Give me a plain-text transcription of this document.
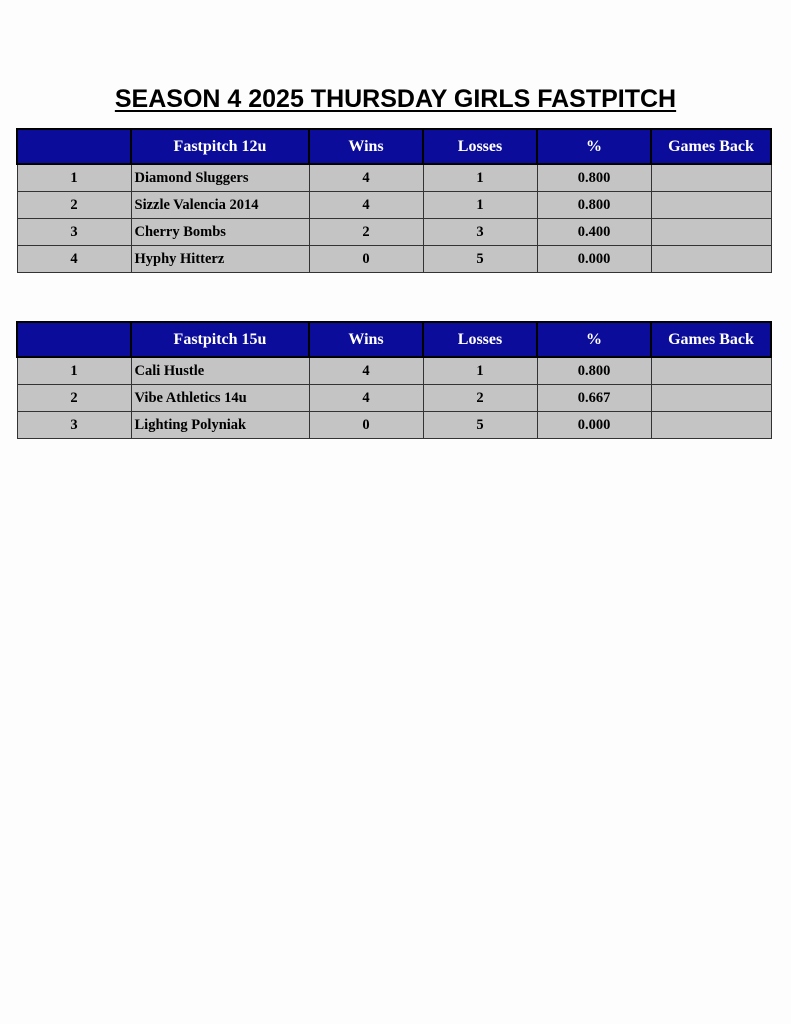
SEASON 4 2025 THURSDAY GIRLS FASTPITCH
	Fastpitch 12u	Wins	Losses	%	Games Back
1	Diamond Sluggers	4	1	0.800	
2	Sizzle Valencia 2014	4	1	0.800	
3	Cherry Bombs	2	3	0.400	
4	Hyphy Hitterz	0	5	0.000	
	Fastpitch 15u	Wins	Losses	%	Games Back
1	Cali Hustle	4	1	0.800	
2	Vibe Athletics 14u	4	2	0.667	
3	Lighting Polyniak	0	5	0.000	
